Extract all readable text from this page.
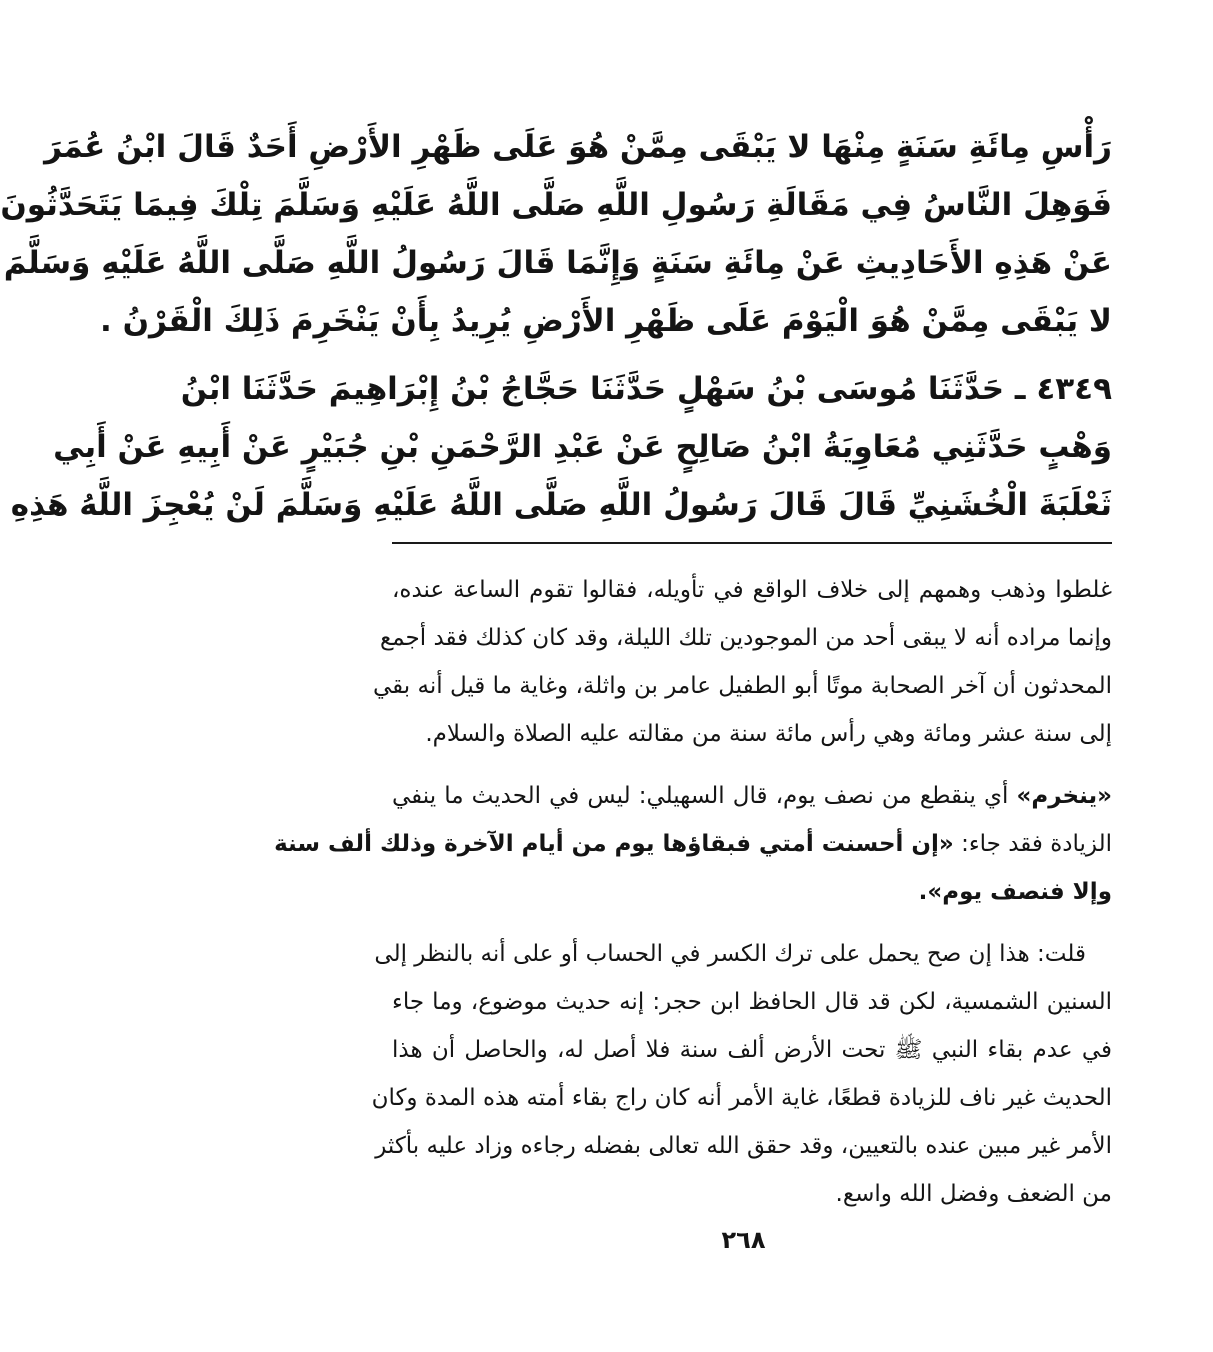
رَأْسِ مِائَةِ سَنَةٍ مِنْهَا لا يَبْقَى مِمَّنْ هُوَ عَلَى ظَهْرِ الأَرْضِ أَحَدٌ قَالَ ابْنُ عُمَرَ
فَوَهِلَ النَّاسُ فِي مَقَالَةِ رَسُولِ اللَّهِ صَلَّى اللَّهُ عَلَيْهِ وَسَلَّمَ تِلْكَ فِيمَا يَتَحَدَّثُونَ
عَنْ هَذِهِ الأَحَادِيثِ عَنْ مِائَةِ سَنَةٍ وَإِنَّمَا قَالَ رَسُولُ اللَّهِ صَلَّى اللَّهُ عَلَيْهِ وَسَلَّمَ
لا يَبْقَى مِمَّنْ هُوَ الْيَوْمَ عَلَى ظَهْرِ الأَرْضِ يُرِيدُ بِأَنْ يَنْخَرِمَ ذَلِكَ الْقَرْنُ .
٤٣٤٩ ـ حَدَّثَنَا مُوسَى بْنُ سَهْلٍ حَدَّثَنَا حَجَّاجُ بْنُ إِبْرَاهِيمَ حَدَّثَنَا ابْنُ
وَهْبٍ حَدَّثَنِي مُعَاوِيَةُ ابْنُ صَالِحٍ عَنْ عَبْدِ الرَّحْمَنِ بْنِ جُبَيْرٍ عَنْ أَبِيهِ عَنْ أَبِي
ثَعْلَبَةَ الْخُشَنِيِّ قَالَ قَالَ رَسُولُ اللَّهِ صَلَّى اللَّهُ عَلَيْهِ وَسَلَّمَ لَنْ يُعْجِزَ اللَّهُ هَذِهِ
غلطوا وذهب وهمهم إلى خلاف الواقع في تأويله، فقالوا تقوم الساعة عنده،
وإنما مراده أنه لا يبقى أحد من الموجودين تلك الليلة، وقد كان كذلك فقد أجمع
المحدثون أن آخر الصحابة موتًا أبو الطفيل عامر بن واثلة، وغاية ما قيل أنه بقي
إلى سنة عشر ومائة وهي رأس مائة سنة من مقالته عليه الصلاة والسلام.
«ينخرم» أي ينقطع من نصف يوم، قال السهيلي: ليس في الحديث ما ينفي
الزيادة فقد جاء: «إن أحسنت أمتي فبقاؤها يوم من أيام الآخرة وذلك ألف سنة
وإلا فنصف يوم».
قلت: هذا إن صح يحمل على ترك الكسر في الحساب أو على أنه بالنظر إلى
السنين الشمسية، لكن قد قال الحافظ ابن حجر: إنه حديث موضوع، وما جاء
في عدم بقاء النبي ﷺ تحت الأرض ألف سنة فلا أصل له، والحاصل أن هذا
الحديث غير ناف للزيادة قطعًا، غاية الأمر أنه كان راج بقاء أمته هذه المدة وكان
الأمر غير مبين عنده بالتعيين، وقد حقق الله تعالى بفضله رجاءه وزاد عليه بأكثر
من الضعف وفضل الله واسع.
٢٦٨
